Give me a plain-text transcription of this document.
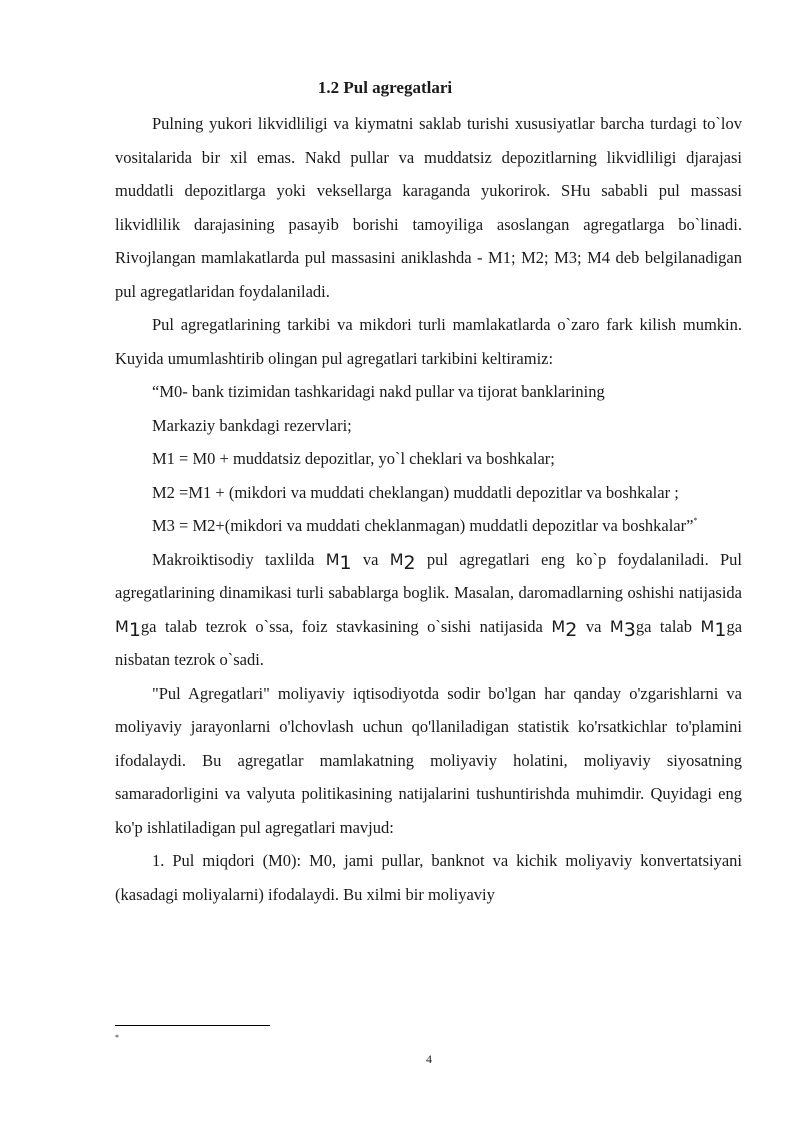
1.2 Pul agregatlari

Pulning yukori likvidliligi va kiymatni saklab turishi xususiyatlar barcha turdagi to`lov vositalarida bir xil emas. Nakd pullar va muddatsiz depozitlarning likvidliligi djarajasi muddatli depozitlarga yoki veksellarga karaganda yukorirok. SHu sababli pul massasi likvidlilik darajasining pasayib borishi tamoyiliga asoslangan agregatlarga bo`linadi. Rivojlangan mamlakatlarda pul massasini aniklashda - M1; M2; M3; M4 deb belgilanadigan pul agregatlaridan foydalaniladi.

Pul agregatlarining tarkibi va mikdori turli mamlakatlarda o`zaro fark kilish mumkin. Kuyida umumlashtirib olingan pul agregatlari tarkibini keltiramiz:

“M0- bank tizimidan tashkaridagi nakd pullar va tijorat banklarining

Markaziy bankdagi rezervlari;

M1 = M0 + muddatsiz depozitlar, yo`l cheklari va boshkalar;

M2 =M1 + (mikdori va muddati cheklangan) muddatli depozitlar va boshkalar ;

M3 = M2+(mikdori va muddati cheklanmagan) muddatli depozitlar va boshkalar”*

Makroiktisodiy taxlilda M1 va M2 pul agregatlari eng ko`p foydalaniladi. Pul agregatlarining dinamikasi turli sabablarga boglik. Masalan, daromadlarning oshishi natijasida M1ga talab tezrok o`ssa, foiz stavkasining o`sishi natijasida M2 va M3ga talab M1ga nisbatan tezrok o`sadi.

"Pul Agregatlari" moliyaviy iqtisodiyotda sodir bo'lgan har qanday o'zgarishlarni va moliyaviy jarayonlarni o'lchovlash uchun qo'llaniladigan statistik ko'rsatkichlar to'plamini ifodalaydi. Bu agregatlar mamlakatning moliyaviy holatini, moliyaviy siyosatning samaradorligini va valyuta politikasining natijalarini tushuntirishda muhimdir. Quyidagi eng ko'p ishlatiladigan pul agregatlari mavjud:

1. Pul miqdori (M0): M0, jami pullar, banknot va kichik moliyaviy konvertatsiyani (kasadagi moliyalarni) ifodalaydi. Bu xilmi bir moliyaviy

*
4
